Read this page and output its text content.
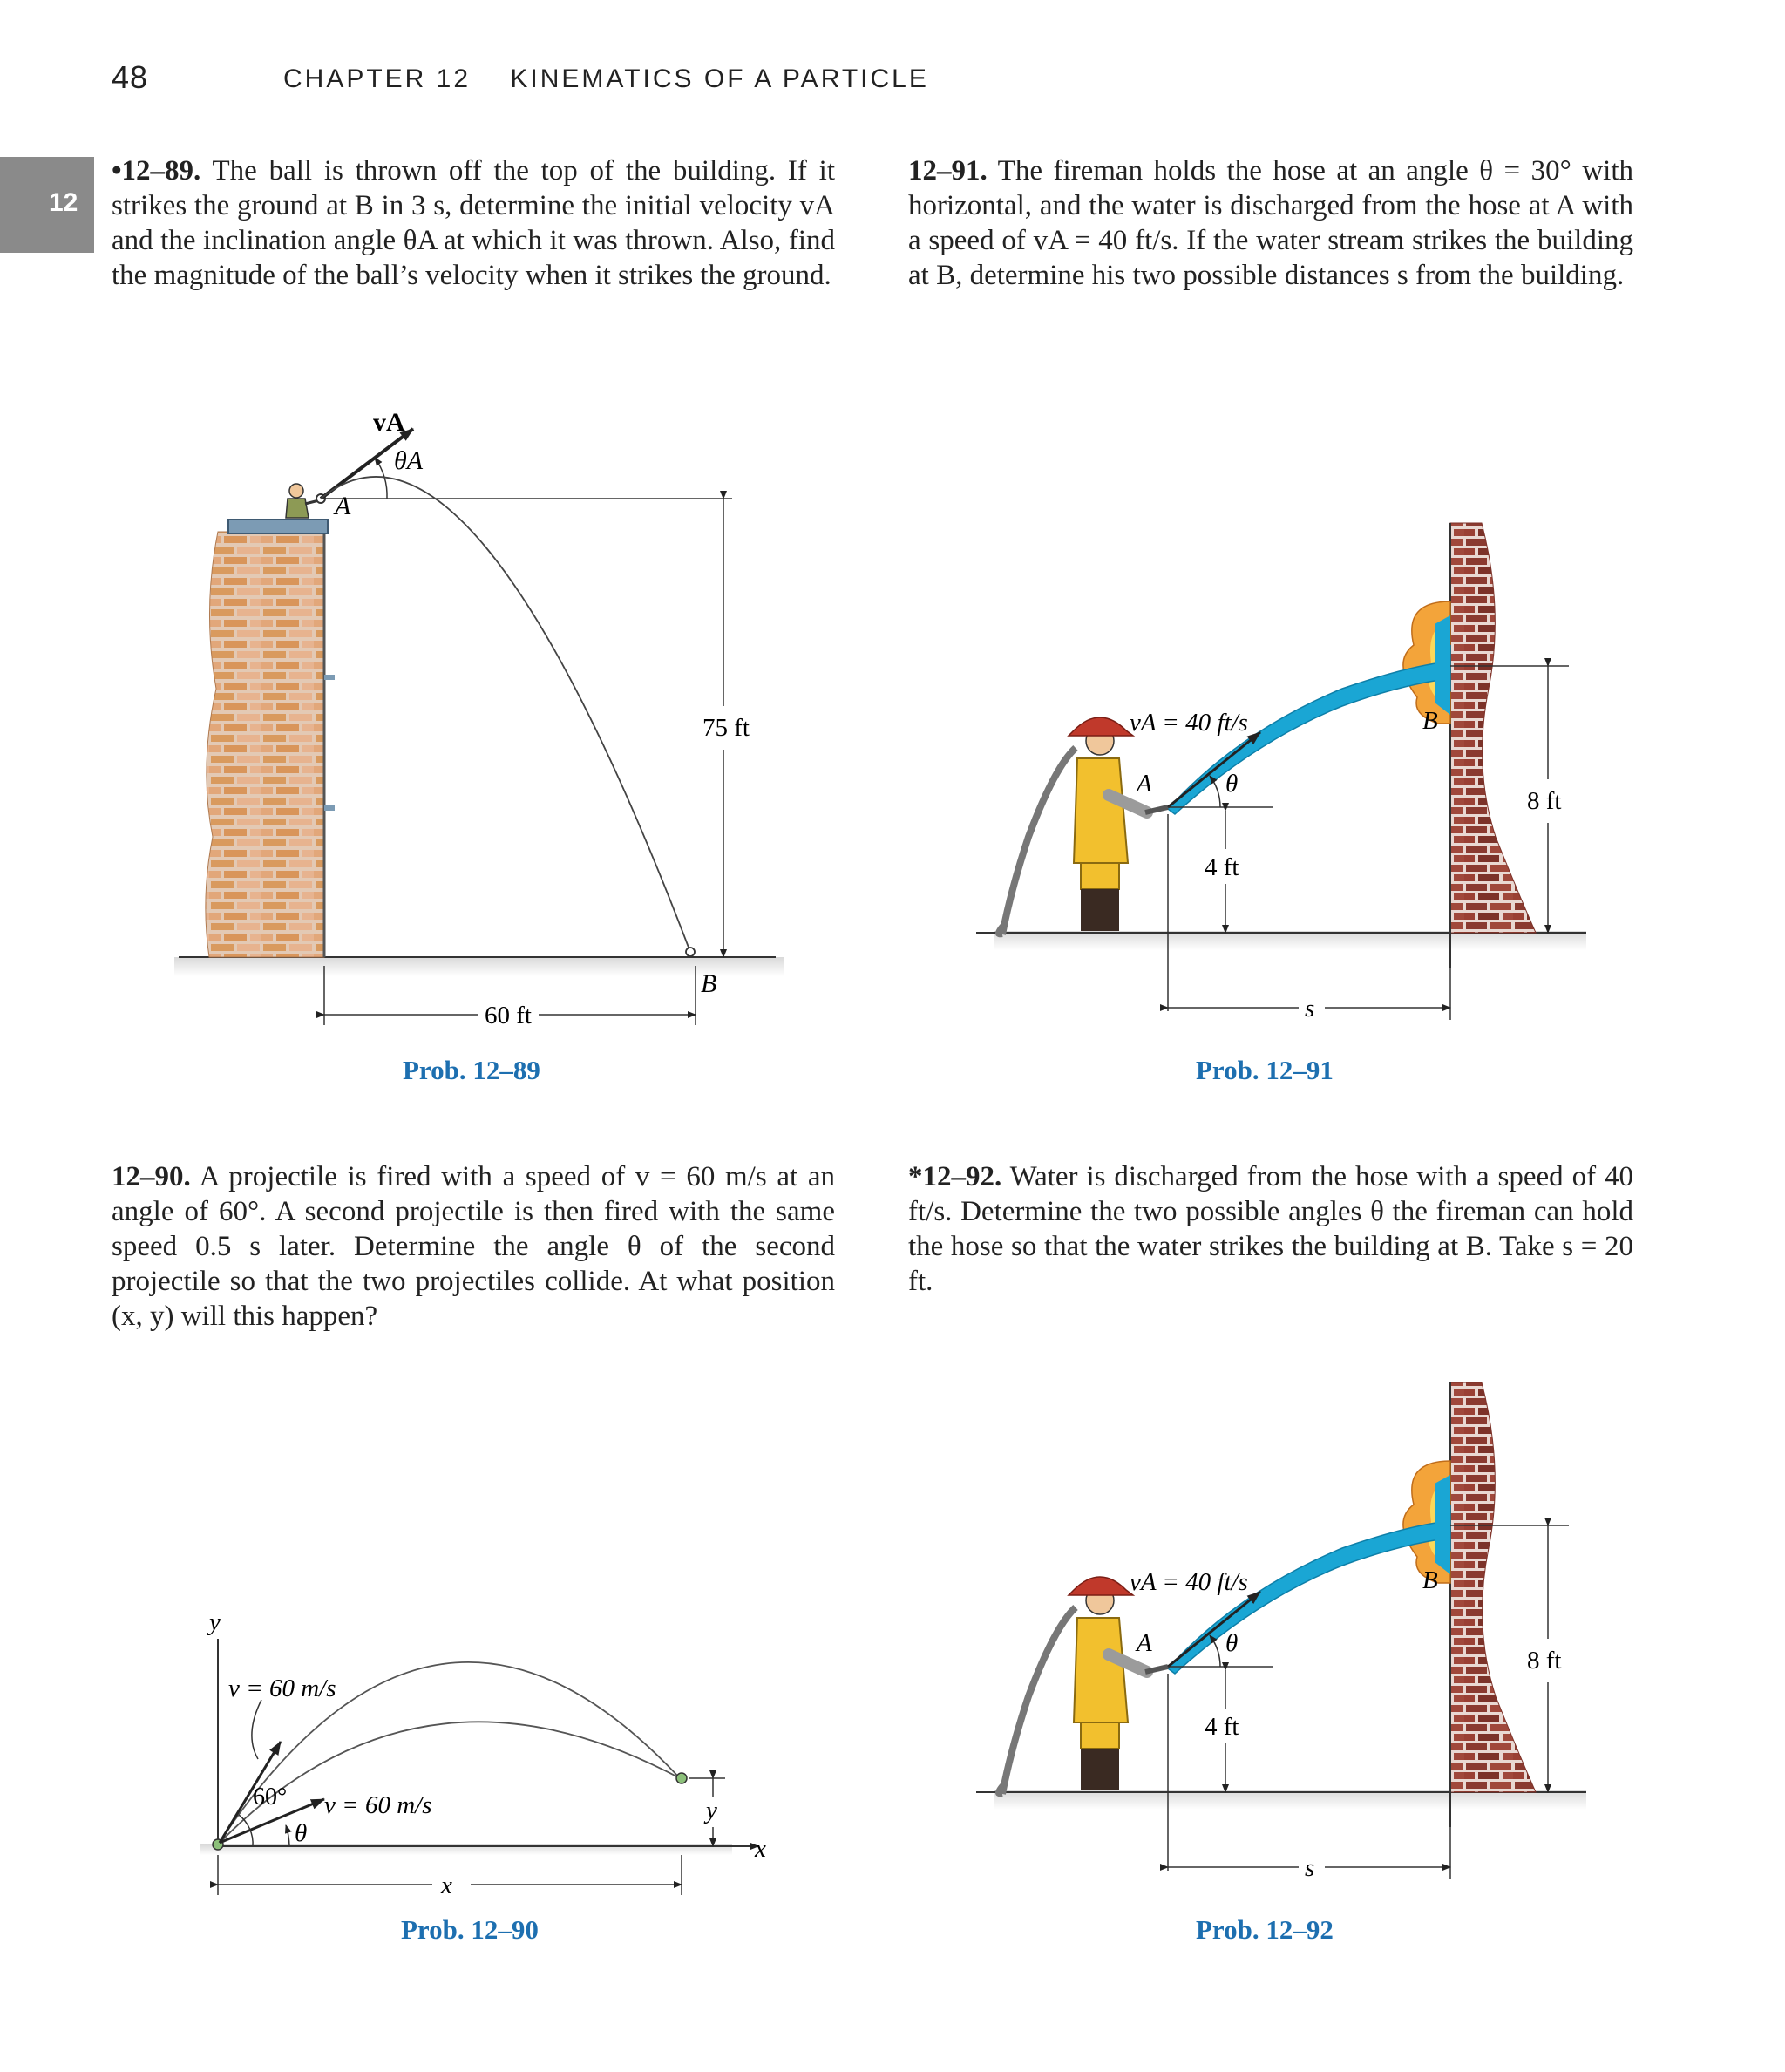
48	CHAPTER 12 KINEMATICS OF A PARTICLE
12
•12–89. The ball is thrown off the top of the building. If it strikes the ground at B in 3 s, determine the initial velocity vA and the inclination angle θA at which it was thrown. Also, find the magnitude of the ball’s velocity when it strikes the ground.
12–91. The fireman holds the hose at an angle θ = 30° with horizontal, and the water is discharged from the hose at A with a speed of vA = 40 ft/s. If the water stream strikes the building at B, determine his two possible distances s from the building.
12–90. A projectile is fired with a speed of v = 60 m/s at an angle of 60°. A second projectile is then fired with the same speed 0.5 s later. Determine the angle θ of the second projectile so that the two projectiles collide. At what position (x, y) will this happen?
*12–92. Water is discharged from the hose with a speed of 40 ft/s. Determine the two possible angles θ the fireman can hold the hose so that the water strikes the building at B. Take s = 20 ft.
Prob. 12–89	Prob. 12–91
Prob. 12–90	Prob. 12–92
vA
θA
A
B
75 ft
60 ft
vA = 40 ft/s
A
B
θ
4 ft
8 ft
s
y
x
v = 60 m/s
v = 60 m/s
60°
θ
x
y
vA = 40 ft/s
A
B
θ
4 ft
8 ft
s
